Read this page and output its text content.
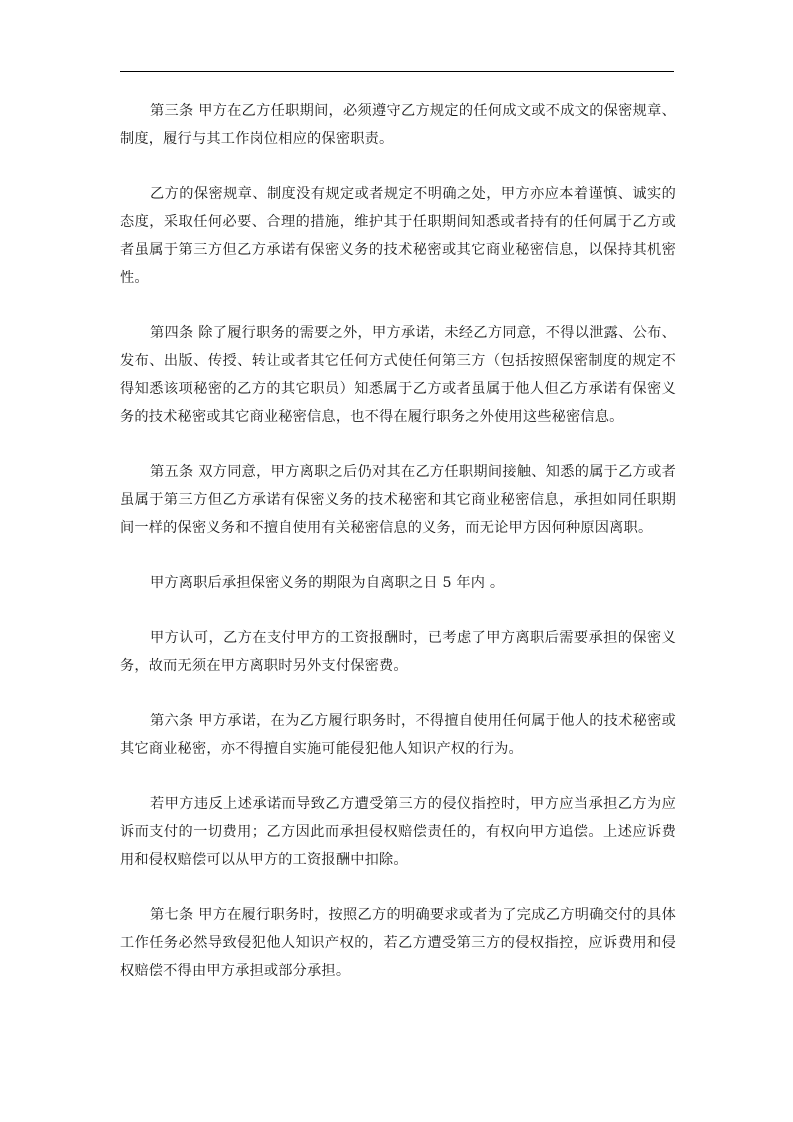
第三条 甲方在乙方任职期间，必须遵守乙方规定的任何成文或不成文的保密规章、制度，履行与其工作岗位相应的保密职责。

乙方的保密规章、制度没有规定或者规定不明确之处，甲方亦应本着谨慎、诚实的态度，采取任何必要、合理的措施，维护其于任职期间知悉或者持有的任何属于乙方或者虽属于第三方但乙方承诺有保密义务的技术秘密或其它商业秘密信息，以保持其机密性。

第四条 除了履行职务的需要之外，甲方承诺，未经乙方同意，不得以泄露、公布、发布、出版、传授、转让或者其它任何方式使任何第三方（包括按照保密制度的规定不得知悉该项秘密的乙方的其它职员）知悉属于乙方或者虽属于他人但乙方承诺有保密义务的技术秘密或其它商业秘密信息，也不得在履行职务之外使用这些秘密信息。

第五条 双方同意，甲方离职之后仍对其在乙方任职期间接触、知悉的属于乙方或者虽属于第三方但乙方承诺有保密义务的技术秘密和其它商业秘密信息，承担如同任职期间一样的保密义务和不擅自使用有关秘密信息的义务，而无论甲方因何种原因离职。

甲方离职后承担保密义务的期限为自离职之日 5 年内 。

甲方认可，乙方在支付甲方的工资报酬时，已考虑了甲方离职后需要承担的保密义务，故而无须在甲方离职时另外支付保密费。

第六条 甲方承诺，在为乙方履行职务时，不得擅自使用任何属于他人的技术秘密或其它商业秘密，亦不得擅自实施可能侵犯他人知识产权的行为。

若甲方违反上述承诺而导致乙方遭受第三方的侵仪指控时，甲方应当承担乙方为应诉而支付的一切费用；乙方因此而承担侵权赔偿责任的，有权向甲方追偿。上述应诉费用和侵权赔偿可以从甲方的工资报酬中扣除。

第七条 甲方在履行职务时，按照乙方的明确要求或者为了完成乙方明确交付的具体工作任务必然导致侵犯他人知识产权的，若乙方遭受第三方的侵权指控，应诉费用和侵权赔偿不得由甲方承担或部分承担。
